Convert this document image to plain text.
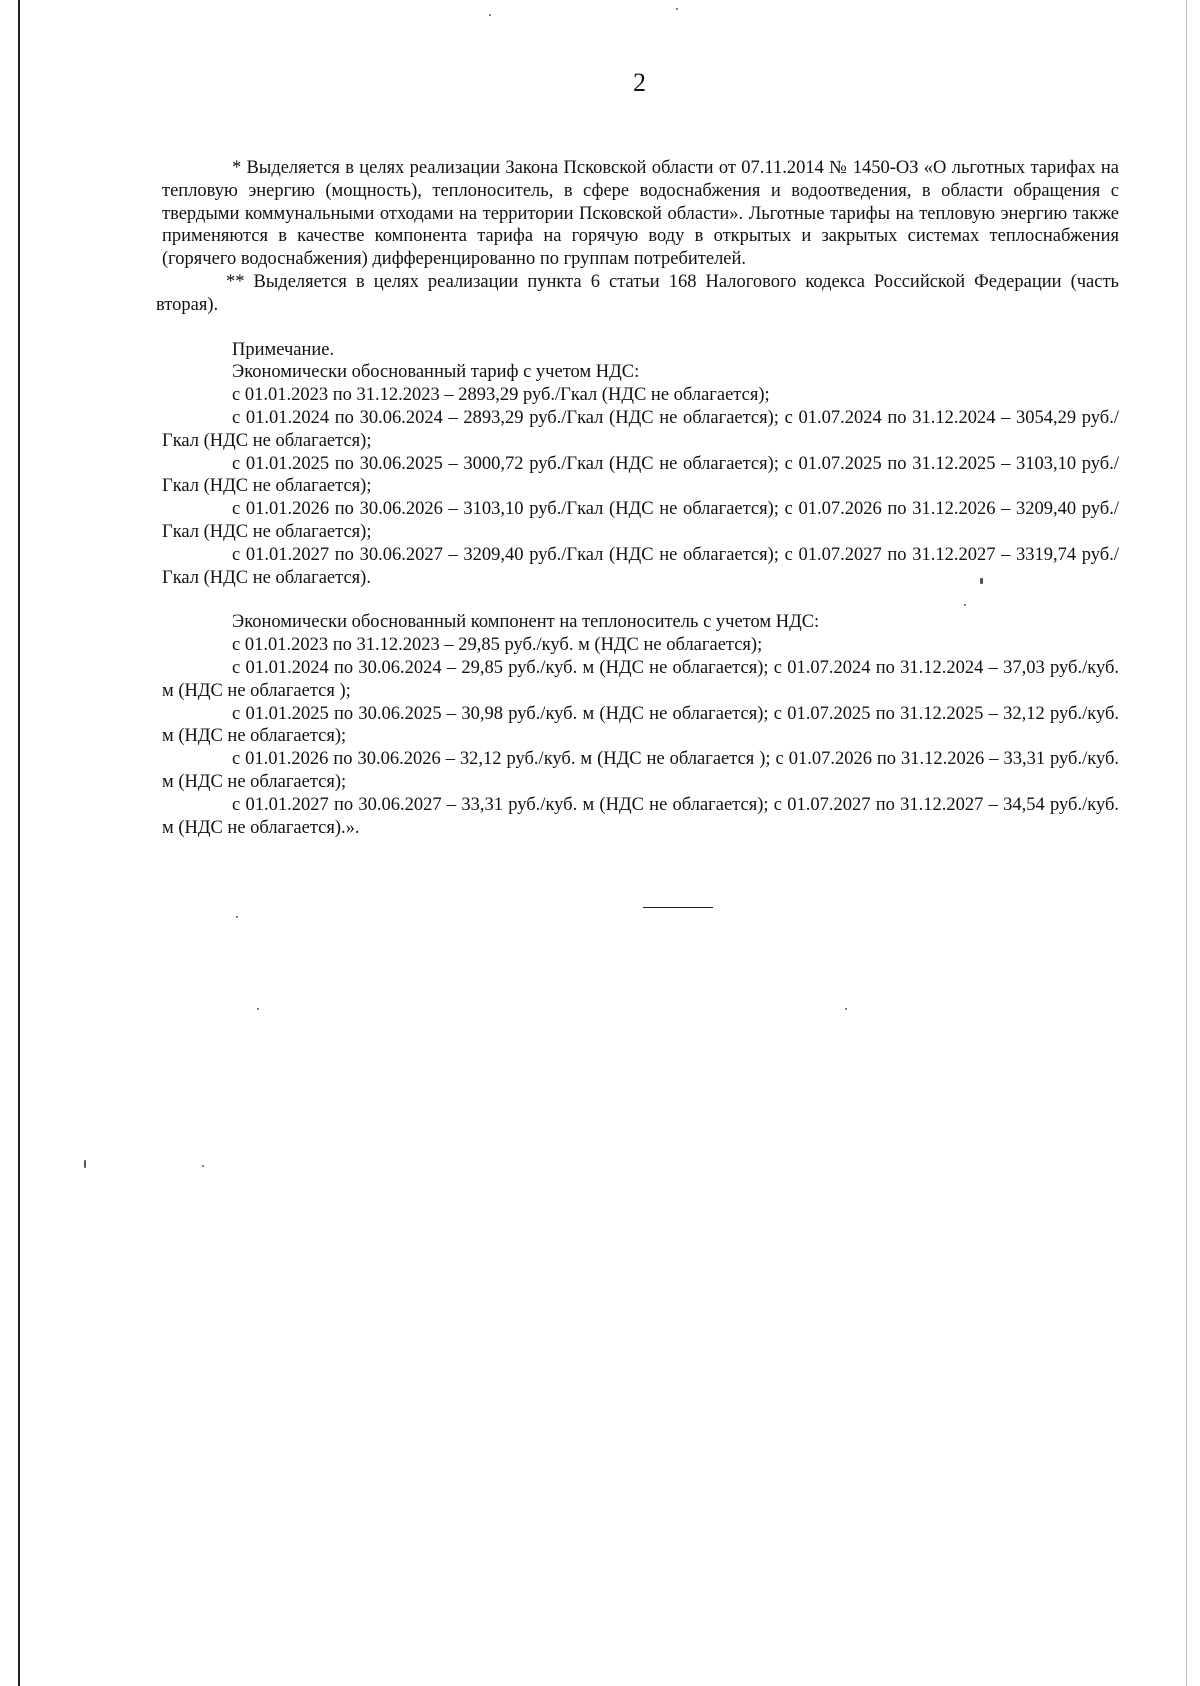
2

* Выделяется в целях реализации Закона Псковской области от 07.11.2014 № 1450-ОЗ «О льготных тарифах на тепловую энергию (мощность), теплоноситель, в сфере водоснабжения и водоотведения, в области обращения с твердыми коммунальными отходами на территории Псковской области». Льготные тарифы на тепловую энергию также применяются в качестве компонента тарифа на горячую воду в открытых и закрытых системах теплоснабжения (горячего водоснабжения) дифференцированно по группам потребителей.

** Выделяется в целях реализации пункта 6 статьи 168 Налогового кодекса Российской Федерации (часть вторая).

Примечание.

Экономически обоснованный тариф с учетом НДС:

с 01.01.2023 по 31.12.2023 – 2893,29 руб./Гкал (НДС не облагается);

с 01.01.2024 по 30.06.2024 – 2893,29 руб./Гкал (НДС не облагается); с 01.07.2024 по 31.12.2024 – 3054,29 руб./Гкал (НДС не облагается);

с 01.01.2025 по 30.06.2025 – 3000,72 руб./Гкал (НДС не облагается); с 01.07.2025 по 31.12.2025 – 3103,10 руб./Гкал (НДС не облагается);

с 01.01.2026 по 30.06.2026 – 3103,10 руб./Гкал (НДС не облагается); с 01.07.2026 по 31.12.2026 – 3209,40 руб./Гкал (НДС не облагается);

с 01.01.2027 по 30.06.2027 – 3209,40 руб./Гкал (НДС не облагается); с 01.07.2027 по 31.12.2027 – 3319,74 руб./Гкал (НДС не облагается).

Экономически обоснованный компонент на теплоноситель с учетом НДС:

с 01.01.2023 по 31.12.2023 – 29,85 руб./куб. м (НДС не облагается);

с 01.01.2024 по 30.06.2024 – 29,85 руб./куб. м (НДС не облагается); с 01.07.2024 по 31.12.2024 – 37,03 руб./куб. м (НДС не облагается );

с 01.01.2025 по 30.06.2025 – 30,98 руб./куб. м (НДС не облагается); с 01.07.2025 по 31.12.2025 – 32,12 руб./куб. м (НДС не облагается);

с 01.01.2026 по 30.06.2026 – 32,12 руб./куб. м (НДС не облагается ); с 01.07.2026 по 31.12.2026 – 33,31 руб./куб. м (НДС не облагается);

с 01.01.2027 по 30.06.2027 – 33,31 руб./куб. м (НДС не облагается); с 01.07.2027 по 31.12.2027 – 34,54 руб./куб. м (НДС не облагается).».
